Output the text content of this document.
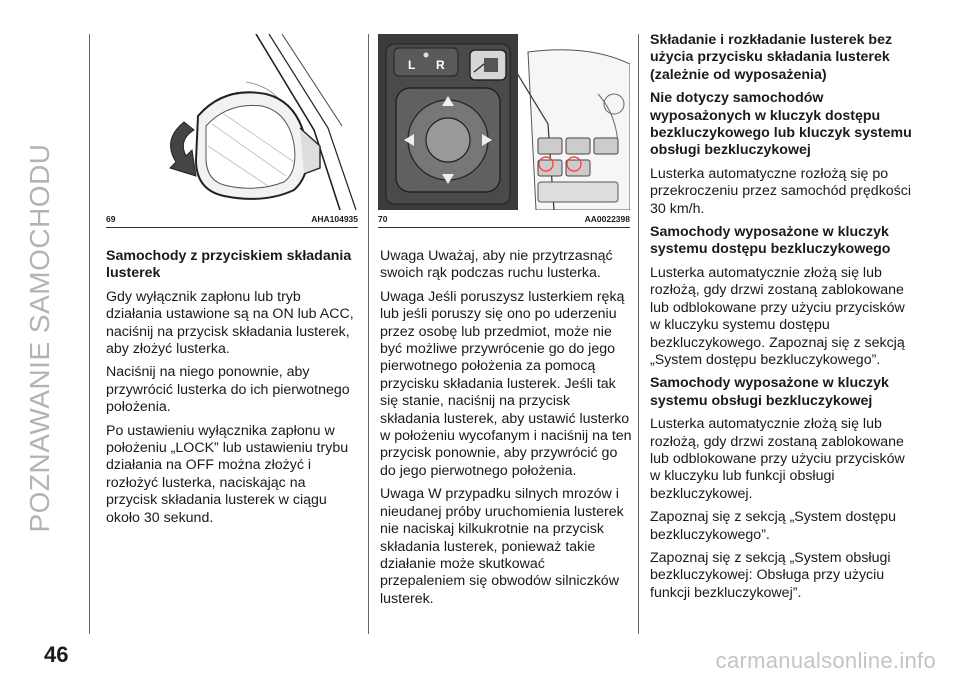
POZNAWANIE SAMOCHODU	69	AHA104935
L R
70	AA0022398
Samochody z przyciskiem składania lusterek

Gdy wyłącznik zapłonu lub tryb działania ustawione są na ON lub ACC, naciśnij na przycisk składania lusterek, aby złożyć lusterka.

Naciśnij na niego ponownie, aby przywrócić lusterka do ich pierwotnego położenia.

Po ustawieniu wyłącznika zapłonu w położeniu „LOCK” lub ustawieniu trybu działania na OFF można złożyć i rozłożyć lusterka, naciskając na przycisk składania lusterek w ciągu około 30 sekund.

Uwaga Uważaj, aby nie przytrzasnąć swoich rąk podczas ruchu lusterka.

Uwaga Jeśli poruszysz lusterkiem ręką lub jeśli poruszy się ono po uderzeniu przez osobę lub przedmiot, może nie być możliwe przywrócenie go do jego pierwotnego położenia za pomocą przycisku składania lusterek. Jeśli tak się stanie, naciśnij na przycisk składania lusterek, aby ustawić lusterko w położeniu wycofanym i naciśnij na ten przycisk ponownie, aby przywrócić go do jego pierwotnego położenia.

Uwaga W przypadku silnych mrozów i nieudanej próby uruchomienia lusterek nie naciskaj kilkukrotnie na przycisk składania lusterek, ponieważ takie działanie może skutkować przepaleniem się obwodów silniczków lusterek.

Składanie i rozkładanie lusterek bez użycia przycisku składania lusterek (zależnie od wyposażenia)
Nie dotyczy samochodów wyposażonych w kluczyk dostępu bezkluczykowego lub kluczyk systemu obsługi bezkluczykowej

Lusterka automatyczne rozłożą się po przekroczeniu przez samochód prędkości 30 km/h.

Samochody wyposażone w kluczyk systemu dostępu bezkluczykowego

Lusterka automatycznie złożą się lub rozłożą, gdy drzwi zostaną zablokowane lub odblokowane przy użyciu przycisków w kluczyku systemu dostępu bezkluczykowego. Zapoznaj się z sekcją „System dostępu bezkluczykowego”.

Samochody wyposażone w kluczyk systemu obsługi bezkluczykowej

Lusterka automatycznie złożą się lub rozłożą, gdy drzwi zostaną zablokowane lub odblokowane przy użyciu przycisków w kluczyku lub funkcji obsługi bezkluczykowej.

Zapoznaj się z sekcją „System dostępu bezkluczykowego”.

Zapoznaj się z sekcją „System obsługi bezkluczykowej: Obsługa przy użyciu funkcji bezkluczykowej”.

46	carmanualsonline.info
